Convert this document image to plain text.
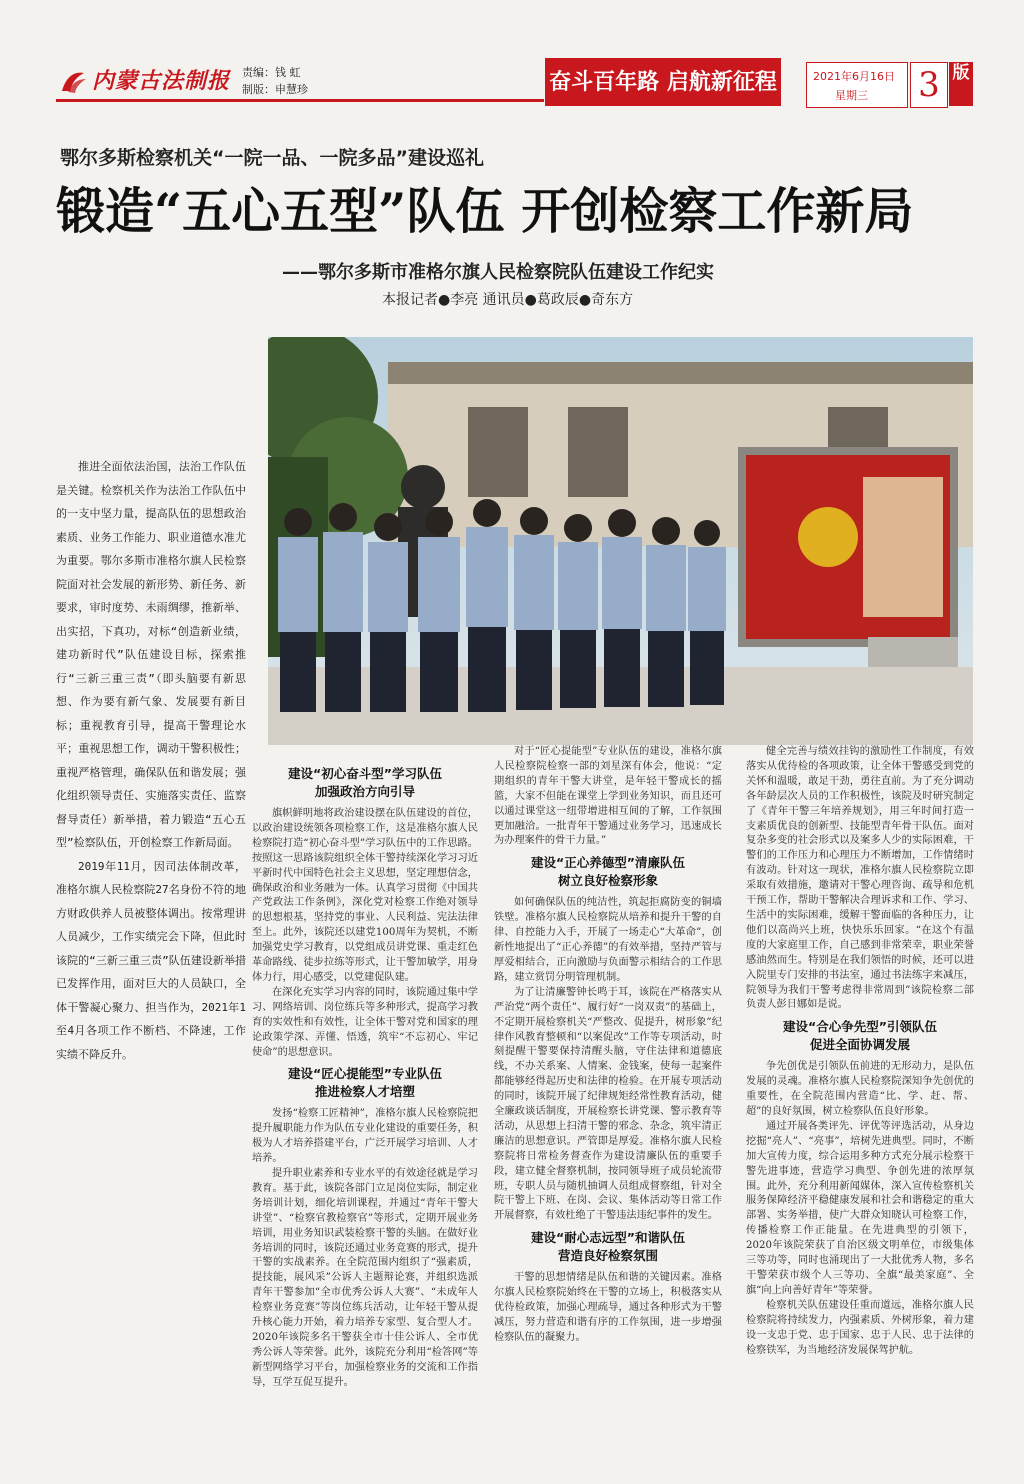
内蒙古法制报 责编：钱 虹
制版：申慧珍	奋斗百年路 启航新征程	2021年6月16日
星期三 3 版
鄂尔多斯检察机关“一院一品、一院多品”建设巡礼
锻造“五心五型”队伍 开创检察工作新局
——鄂尔多斯市准格尔旗人民检察院队伍建设工作纪实
本报记者●李亮 通讯员●葛政辰●奇东方

推进全面依法治国，法治工作队伍是关键。检察机关作为法治工作队伍中的一支中坚力量，提高队伍的思想政治素质、业务工作能力、职业道德水准尤为重要。鄂尔多斯市准格尔旗人民检察院面对社会发展的新形势、新任务、新要求，审时度势、未雨绸缪，推新举、出实招，下真功，对标“创造新业绩，建功新时代”队伍建设目标，探索推行“三新三重三责”（即头脑要有新思想、作为要有新气象、发展要有新目标；重视教育引导，提高干警理论水平；重视思想工作，调动干警积极性；重视严格管理，确保队伍和谐发展；强化组织领导责任、实施落实责任、监察督导责任）新举措，着力锻造“五心五型”检察队伍，开创检察工作新局面。

2019年11月，因司法体制改革，准格尔旗人民检察院27名身份不符的地方财政供养人员被整体调出。按常理讲人员减少，工作实绩完会下降，但此时该院的“三新三重三责”队伍建设新举措已发挥作用，面对巨大的人员缺口，全体干警凝心聚力、担当作为，2021年1至4月各项工作不断档、不降速，工作实绩不降反升。

建设“初心奋斗型”学习队伍
加强政治方向引导

旗帜鲜明地将政治建设摆在队伍建设的首位，以政治建设统领各项检察工作，这是准格尔旗人民检察院打造“初心奋斗型”学习队伍中的工作思路。按照这一思路该院组织全体干警持续深化学习习近平新时代中国特色社会主义思想，坚定理想信念，确保政治和业务融为一体。认真学习贯彻《中国共产党政法工作条例》，深化党对检察工作绝对领导的思想根基，坚持党的事业、人民利益、宪法法律至上。此外，该院还以建党100周年为契机，不断加强党史学习教育，以党组成员讲党课、重走红色革命路线、徒步拉练等形式，让干警加敏学，用身体力行，用心感受，以党建促队建。

在深化充实学习内容的同时，该院通过集中学习、网络培训、岗位练兵等多种形式，提高学习教育的实效性和有效性，让全体干警对党和国家的理论政策学深、弄懂、悟透，筑牢“不忘初心、牢记使命”的思想意识。

建设“匠心提能型”专业队伍
推进检察人才培塑

发扬“检察工匠精神”，准格尔旗人民检察院把提升履职能力作为队伍专业化建设的重要任务，积极为人才培养搭建平台，广泛开展学习培训、人才培养。

提升职业素养和专业水平的有效途径就是学习教育。基于此，该院各部门立足岗位实际，制定业务培训计划，细化培训课程，并通过“青年干警大讲堂”、“检察官教检察官”等形式，定期开展业务培训，用业务知识武装检察干警的头脑。在做好业务培训的同时，该院还通过业务竞赛的形式，提升干警的实战素养。在全院范围内组织了“强素质，提技能，展风采”公诉人主题辩论赛，并组织选派青年干警参加“全市优秀公诉人大赛”、“未成年人检察业务竞赛”等岗位练兵活动，让年轻干警从提升核心能力开始，着力培养专家型、复合型人才。2020年该院多名干警获全市十佳公诉人、全市优秀公诉人等荣誉。此外，该院充分利用“检答网”等新型网络学习平台，加强检察业务的交流和工作指导，互学互促互提升。

对于“匠心提能型”专业队伍的建设，准格尔旗人民检察院检察一部的刘星深有体会，他说：“定期组织的青年干警大讲堂，是年轻干警成长的摇篮，大家不但能在课堂上学到业务知识，而且还可以通过课堂这一纽带增进相互间的了解，工作氛围更加融洽。一批青年干警通过业务学习，迅速成长为办理案件的骨干力量。”

建设“正心养德型”清廉队伍
树立良好检察形象

如何确保队伍的纯洁性，筑起拒腐防变的铜墙铁壁。准格尔旗人民检察院从培养和提升干警的自律、自控能力入手，开展了一场走心“大革命”，创新性地提出了“正心养德”的有效举措，坚持严管与厚爱相结合，正向激励与负面警示相结合的工作思路，建立赏罚分明管理机制。

为了让清廉警钟长鸣于耳，该院在严格落实从严治党“两个责任”、履行好“一岗双责”的基础上，不定期开展检察机关“严整改、促提升，树形象”纪律作风教育整顿和“以案促改”工作等专项活动，时刻提醒干警要保持清醒头脑，守住法律和道德底线，不办关系案、人情案、金钱案，使每一起案件都能够经得起历史和法律的检验。在开展专项活动的同时，该院开展了纪律规矩经常性教育活动，健全廉政谈话制度，开展检察长讲党课、警示教育等活动，从思想上扫清干警的邪念、杂念，筑牢清正廉洁的思想意识。严管即是厚爱。准格尔旗人民检察院将日常检务督查作为建设清廉队伍的重要手段，建立健全督察机制，按同领导班子成员轮流带班，专职人员与随机抽调人员组成督察组，针对全院干警上下班、在岗、会议、集体活动等日常工作开展督察，有效杜绝了干警违法违纪事件的发生。

建设“耐心志远型”和谐队伍
营造良好检察氛围

干警的思想情绪是队伍和谐的关键因素。准格尔旗人民检察院始终在干警的立场上，积极落实从优待检政策，加强心理疏导，通过各种形式为干警减压，努力营造和谐有序的工作氛围，进一步增强检察队伍的凝聚力。

健全完善与绩效挂钩的激励性工作制度，有效落实从优待检的各项政策，让全体干警感受到党的关怀和温暖，敢足干劲，勇往直前。为了充分调动各年龄层次人员的工作积极性，该院及时研究制定了《青年干警三年培养规划》，用三年时间打造一支素质优良的创新型、技能型青年骨干队伍。面对复杂多变的社会形式以及案多人少的实际困难，干警们的工作压力和心理压力不断增加，工作情绪时有波动。针对这一现状，准格尔旗人民检察院立即采取有效措施，邀请对干警心理咨询、疏导和危机干预工作，帮助干警解决合理诉求和工作、学习、生活中的实际困难，缓解干警面临的各种压力，让他们以高尚兴上班，快快乐乐回家。“在这个有温度的大家庭里工作，自己感到非常荣幸，职业荣誉感油然而生。特别是在我们领悟的时候，还可以进入院里专门安排的书法室，通过书法练字来减压，院领导为我们干警考虑得非常周到”该院检察二部负责人彭日娜如是说。

建设“合心争先型”引领队伍
促进全面协调发展

争先创优是引领队伍前进的无形动力，是队伍发展的灵魂。准格尔旗人民检察院深知争先创优的重要性，在全院范围内营造“比、学、赶、帮、超”的良好氛围，树立检察队伍良好形象。

通过开展各类评先、评优等评选活动，从身边挖掘“亮人”、“亮事”，培树先进典型。同时，不断加大宣传力度，综合运用多种方式充分展示检察干警先进事迹，营造学习典型、争创先进的浓厚氛围。此外，充分利用新闻媒体，深入宣传检察机关服务保障经济平稳健康发展和社会和谐稳定的重大部署、实务举措，使广大群众知晓认可检察工作，传播检察工作正能量。在先进典型的引领下，2020年该院荣获了自治区级文明单位，市级集体三等功等，同时也涌现出了一大批优秀人物，多名干警荣获市级个人三等功、全旗“最美家庭”、全旗“向上向善好青年”等荣誉。

检察机关队伍建设任重而道远，准格尔旗人民检察院将持续发力，内强素质、外树形象，着力建设一支忠于党、忠于国家、忠于人民、忠于法律的检察铁军，为当地经济发展保驾护航。
